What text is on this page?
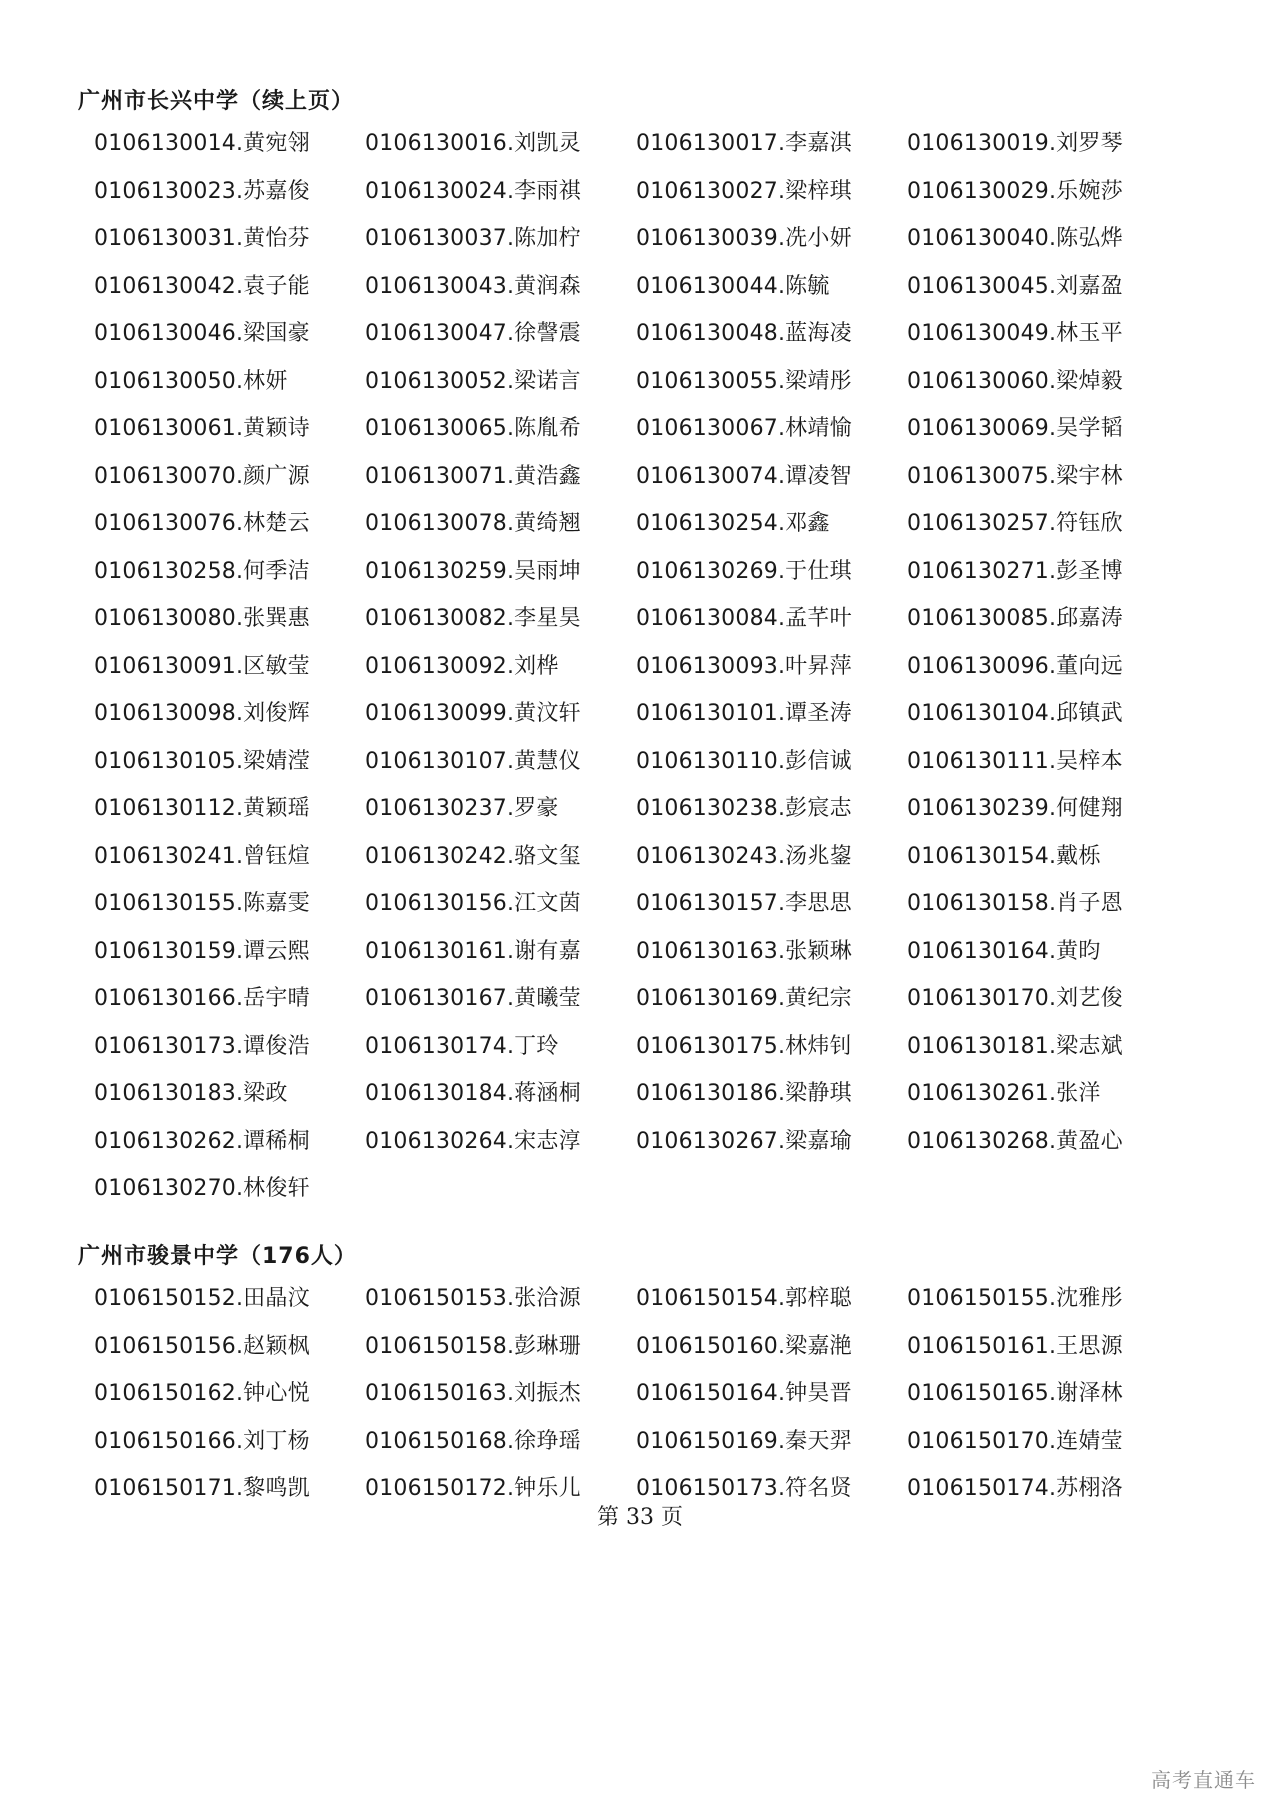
广州市长兴中学（续上页）
0106130014.黄宛翎	0106130016.刘凯灵	0106130017.李嘉淇	0106130019.刘罗琴
0106130023.苏嘉俊	0106130024.李雨祺	0106130027.梁梓琪	0106130029.乐婉莎
0106130031.黄怡芬	0106130037.陈加柠	0106130039.冼小妍	0106130040.陈弘烨
0106130042.袁子能	0106130043.黄润森	0106130044.陈毓	0106130045.刘嘉盈
0106130046.梁国豪	0106130047.徐謦震	0106130048.蓝海凌	0106130049.林玉平
0106130050.林妍	0106130052.梁诺言	0106130055.梁靖彤	0106130060.梁焯毅
0106130061.黄颖诗	0106130065.陈胤希	0106130067.林靖愉	0106130069.吴学韬
0106130070.颜广源	0106130071.黄浩鑫	0106130074.谭凌智	0106130075.梁宇林
0106130076.林楚云	0106130078.黄绮翘	0106130254.邓鑫	0106130257.符钰欣
0106130258.何季洁	0106130259.吴雨坤	0106130269.于仕琪	0106130271.彭圣博
0106130080.张巽惠	0106130082.李星昊	0106130084.孟芊叶	0106130085.邱嘉涛
0106130091.区敏莹	0106130092.刘桦	0106130093.叶昇萍	0106130096.董向远
0106130098.刘俊辉	0106130099.黄汶轩	0106130101.谭圣涛	0106130104.邱镇武
0106130105.梁婧滢	0106130107.黄慧仪	0106130110.彭信诚	0106130111.吴梓本
0106130112.黄颖瑶	0106130237.罗豪	0106130238.彭宸志	0106130239.何健翔
0106130241.曾钰煊	0106130242.骆文玺	0106130243.汤兆鋆	0106130154.戴栎
0106130155.陈嘉雯	0106130156.江文茵	0106130157.李思思	0106130158.肖子恩
0106130159.谭云熙	0106130161.谢有嘉	0106130163.张颖琳	0106130164.黄昀
0106130166.岳宇晴	0106130167.黄曦莹	0106130169.黄纪宗	0106130170.刘艺俊
0106130173.谭俊浩	0106130174.丁玲	0106130175.林炜钊	0106130181.梁志斌
0106130183.梁政	0106130184.蒋涵桐	0106130186.梁静琪	0106130261.张洋
0106130262.谭稀桐	0106130264.宋志淳	0106130267.梁嘉瑜	0106130268.黄盈心
0106130270.林俊轩
广州市骏景中学（176人）
0106150152.田晶汶	0106150153.张洽源	0106150154.郭梓聪	0106150155.沈雅彤
0106150156.赵颖枫	0106150158.彭琳珊	0106150160.梁嘉滟	0106150161.王思源
0106150162.钟心悦	0106150163.刘振杰	0106150164.钟昊晋	0106150165.谢泽林
0106150166.刘丁杨	0106150168.徐琤瑶	0106150169.秦天羿	0106150170.连婧莹
0106150171.黎鸣凯	0106150172.钟乐儿	0106150173.符名贤	0106150174.苏栩洛
第 33 页
高考直通车
